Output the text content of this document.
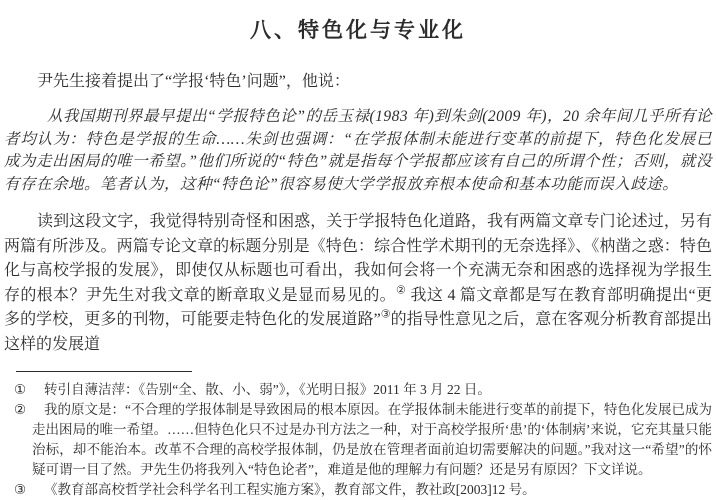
八、特色化与专业化

尹先生接着提出了“学报‘特色’问题”，他说：

从我国期刊界最早提出“学报特色论”的岳玉禄(1983 年)到朱剑(2009 年)，20 余年间几乎所有论者均认为：特色是学报的生命……朱剑也强调：“在学报体制未能进行变革的前提下，特色化发展已成为走出困局的唯一希望。”他们所说的“特色”就是指每个学报都应该有自己的所谓个性；否则，就没有存在余地。笔者认为，这种“特色论”很容易使大学学报放弃根本使命和基本功能而误入歧途。

读到这段文字，我觉得特别奇怪和困惑，关于学报特色化道路，我有两篇文章专门论述过，另有两篇有所涉及。两篇专论文章的标题分别是《特色：综合性学术期刊的无奈选择》、《枘凿之惑：特色化与高校学报的发展》，即使仅从标题也可看出，我如何会将一个充满无奈和困惑的选择视为学报生存的根本？尹先生对我文章的断章取义是显而易见的。② 我这 4 篇文章都是写在教育部明确提出“更多的学校，更多的刊物，可能要走特色化的发展道路”③的指导性意见之后，意在客观分析教育部提出这样的发展道

① 转引自薄洁萍：《告别“全、散、小、弱”》，《光明日报》2011 年 3 月 22 日。
② 我的原文是：“不合理的学报体制是导致困局的根本原因。在学报体制未能进行变革的前提下，特色化发展已成为走出困局的唯一希望。……但特色化只不过是办刊方法之一种，对于高校学报所‘患’的‘体制病’来说，它充其量只能治标，却不能治本。改革不合理的高校学报体制，仍是放在管理者面前迫切需要解决的问题。”我对这一“希望”的怀疑可谓一目了然。尹先生仍将我列入“特色论者”，难道是他的理解力有问题？还是另有原因？下文详说。
③ 《教育部高校哲学社会科学名刊工程实施方案》，教育部文件，教社政[2003]12 号。
